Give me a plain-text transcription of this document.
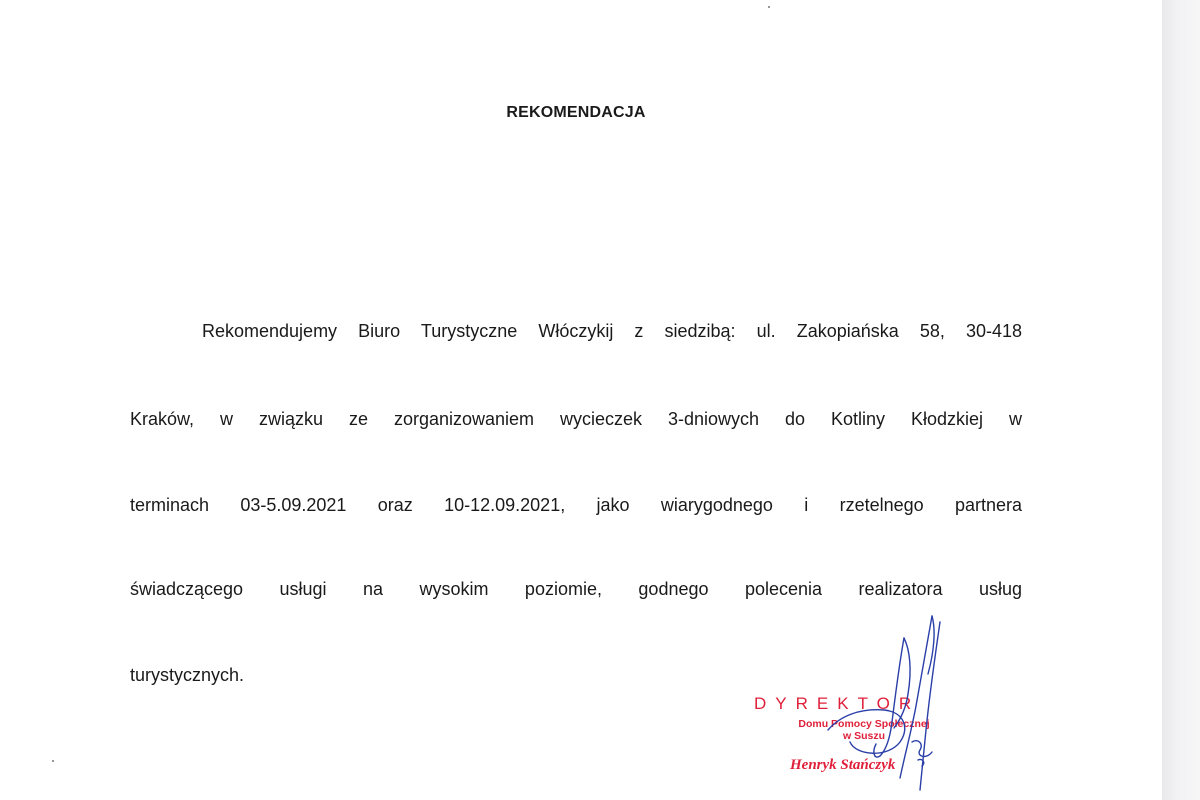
REKOMENDACJA
Rekomendujemy Biuro Turystyczne Włóczykij z siedzibą: ul. Zakopiańska 58, 30-418
Kraków, w związku ze zorganizowaniem wycieczek 3-dniowych do Kotliny Kłodzkiej w
terminach 03-5.09.2021 oraz 10-12.09.2021, jako wiarygodnego i rzetelnego partnera
świadczącego usługi na wysokim poziomie, godnego polecenia realizatora usług
turystycznych.
DYREKTOR
Domu Pomocy Społecznej
w Suszu
Henryk Stańczyk
